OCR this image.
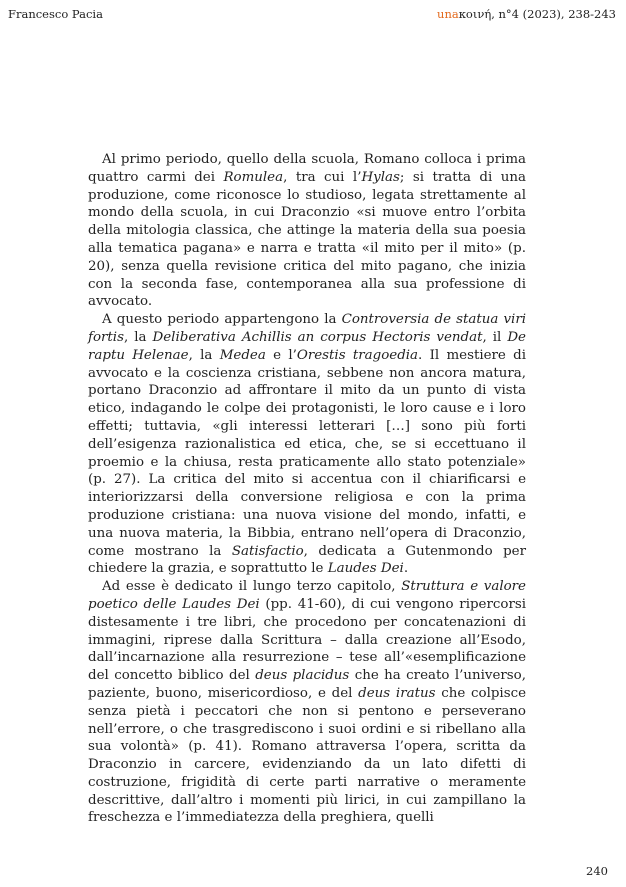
Francesco Pacia	unaκοινή, n°4 (2023), 238-243

Al primo periodo, quello della scuola, Romano colloca i prima quattro carmi dei Romulea, tra cui l’Hylas; si tratta di una produzione, come riconosce lo studioso, legata strettamente al mondo della scuola, in cui Draconzio «si muove entro l’orbita della mitologia classica, che attinge la materia della sua poesia alla tematica pagana» e narra e tratta «il mito per il mito» (p. 20), senza quella revisione critica del mito pagano, che inizia con la seconda fase, contemporanea alla sua professione di avvocato.

A questo periodo appartengono la Controversia de statua viri fortis, la Deliberativa Achillis an corpus Hectoris vendat, il De raptu Helenae, la Medea e l’Orestis tragoedia. Il mestiere di avvocato e la coscienza cristiana, sebbene non ancora matura, portano Draconzio ad affrontare il mito da un punto di vista etico, indagando le colpe dei protagonisti, le loro cause e i loro effetti; tuttavia, «gli interessi letterari […] sono più forti dell’esigenza razionalistica ed etica, che, se si eccettuano il proemio e la chiusa, resta praticamente allo stato potenziale» (p. 27). La critica del mito si accentua con il chiarificarsi e interiorizzarsi della conversione religiosa e con la prima produzione cristiana: una nuova visione del mondo, infatti, e una nuova materia, la Bibbia, entrano nell’opera di Draconzio, come mostrano la Satisfactio, dedicata a Gutenmondo per chiedere la grazia, e soprattutto le Laudes Dei.

Ad esse è dedicato il lungo terzo capitolo, Struttura e valore poetico delle Laudes Dei (pp. 41-60), di cui vengono ripercorsi distesamente i tre libri, che procedono per concatenazioni di immagini, riprese dalla Scrittura – dalla creazione all’Esodo, dall’incarnazione alla resurrezione – tese all’«esemplificazione del concetto biblico del deus placidus che ha creato l’universo, paziente, buono, misericordioso, e del deus iratus che colpisce senza pietà i peccatori che non si pentono e perseverano nell’errore, o che trasgrediscono i suoi ordini e si ribellano alla sua volontà» (p. 41). Romano attraversa l’opera, scritta da Draconzio in carcere, evidenziando da un lato difetti di costruzione, frigidità di certe parti narrative o meramente descrittive, dall’altro i momenti più lirici, in cui zampillano la freschezza e l’immediatezza della preghiera, quelli

240
